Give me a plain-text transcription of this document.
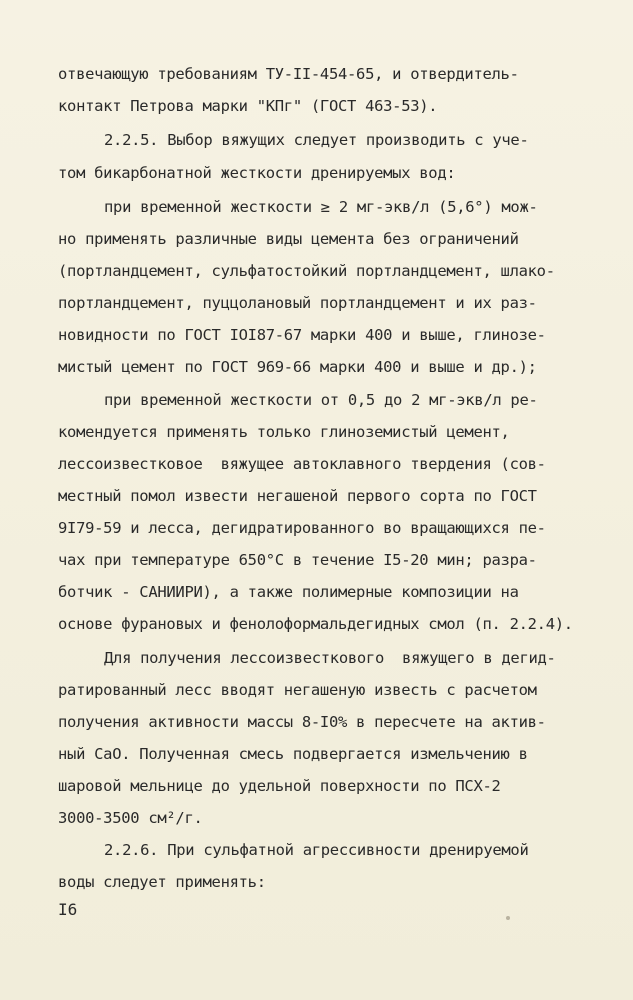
отвечающую требованиям ТУ-II-454-65, и отвердитель-
контакт Петрова марки "КПг" (ГОСТ 463-53).
2.2.5. Выбор вяжущих следует производить с уче-
том бикарбонатной жесткости дренируемых вод:
при временной жесткости ≥ 2 мг-экв/л (5,6°) мож-
но применять различные виды цемента без ограничений
(портландцемент, сульфатостойкий портландцемент, шлако-
портландцемент, пуццолановый портландцемент и их раз-
новидности по ГОСТ IOI87-67 марки 400 и выше, глинозе-
мистый цемент по ГОСТ 969-66 марки 400 и выше и др.);
при временной жесткости от 0,5 до 2 мг-экв/л ре-
комендуется применять только глиноземистый цемент,
лессоизвестковое  вяжущее автоклавного твердения (сов-
местный помол извести негашеной первого сорта по ГОСТ
9I79-59 и лесса, дегидратированного во вращающихся пе-
чах при температуре 650°С в течение I5-20 мин; разра-
ботчик - САНИИРИ), а также полимерные композиции на
основе фурановых и фенолоформальдегидных смол (п. 2.2.4).
Для получения лессоизвесткового  вяжущего в дегид-
ратированный лесс вводят негашеную известь с расчетом
получения активности массы 8-I0% в пересчете на актив-
ный СаО. Полученная смесь подвергается измельчению в
шаровой мельнице до удельной поверхности по ПСХ-2
3000-3500 см²/г.
2.2.6. При сульфатной агрессивности дренируемой
воды следует применять:
I6
